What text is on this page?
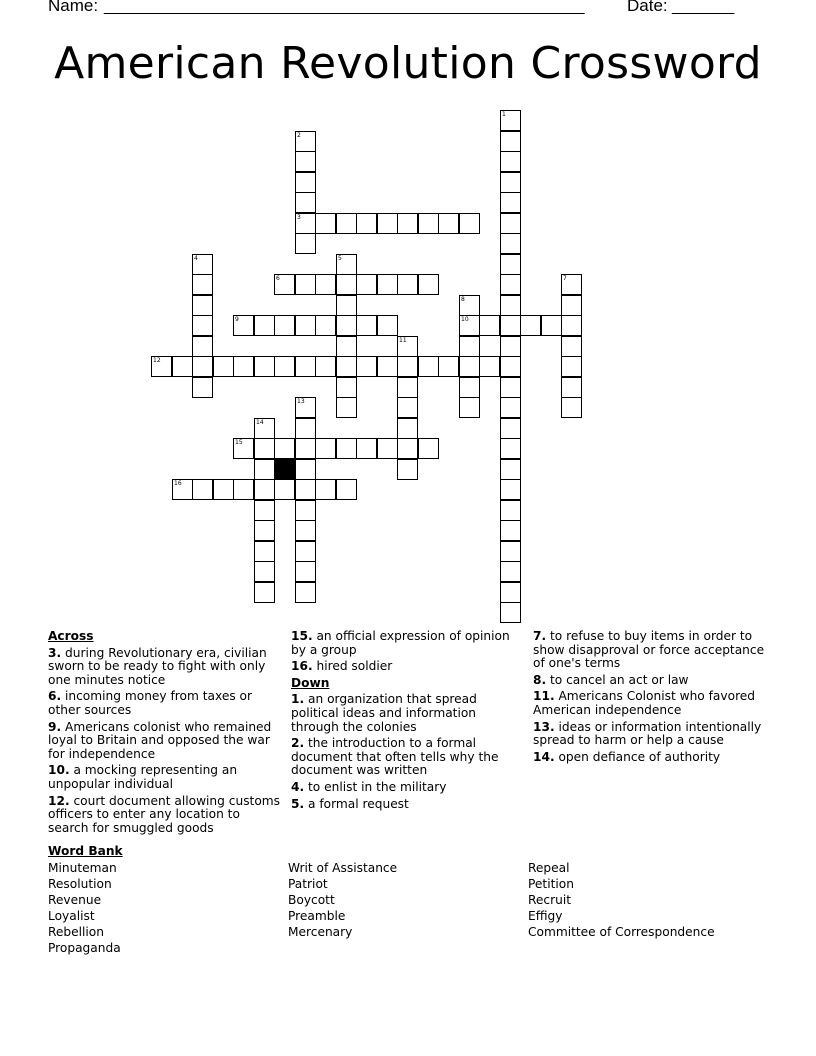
Name:

______________________________________________________

Date:

_______

American Revolution Crossword
1
2
3
4	5
6	7
8
10
9
11
12
13
14
15
16
Across
3. during Revolutionary era, civilian sworn to be ready to fight with only one minutes notice
6. incoming money from taxes or other sources
9. Americans colonist who remained loyal to Britain and opposed the war for independence
10. a mocking representing an unpopular individual
12. court document allowing customs officers to enter any location to search for smuggled goods
15. an official expression of opinion by a group
16. hired soldier
Down
1. an organization that spread political ideas and information through the colonies
2. the introduction to a formal document that often tells why the document was written
4. to enlist in the military
5. a formal request
7. to refuse to buy items in order to show disapproval or force acceptance of one's terms
8. to cancel an act or law
11. Americans Colonist who favored American independence
13. ideas or information intentionally spread to harm or help a cause
14. open defiance of authority
Word Bank
Minuteman
Resolution
Revenue
Loyalist
Rebellion
Propaganda
Writ of Assistance
Patriot
Boycott
Preamble
Mercenary
Repeal
Petition
Recruit
Effigy
Committee of Correspondence
